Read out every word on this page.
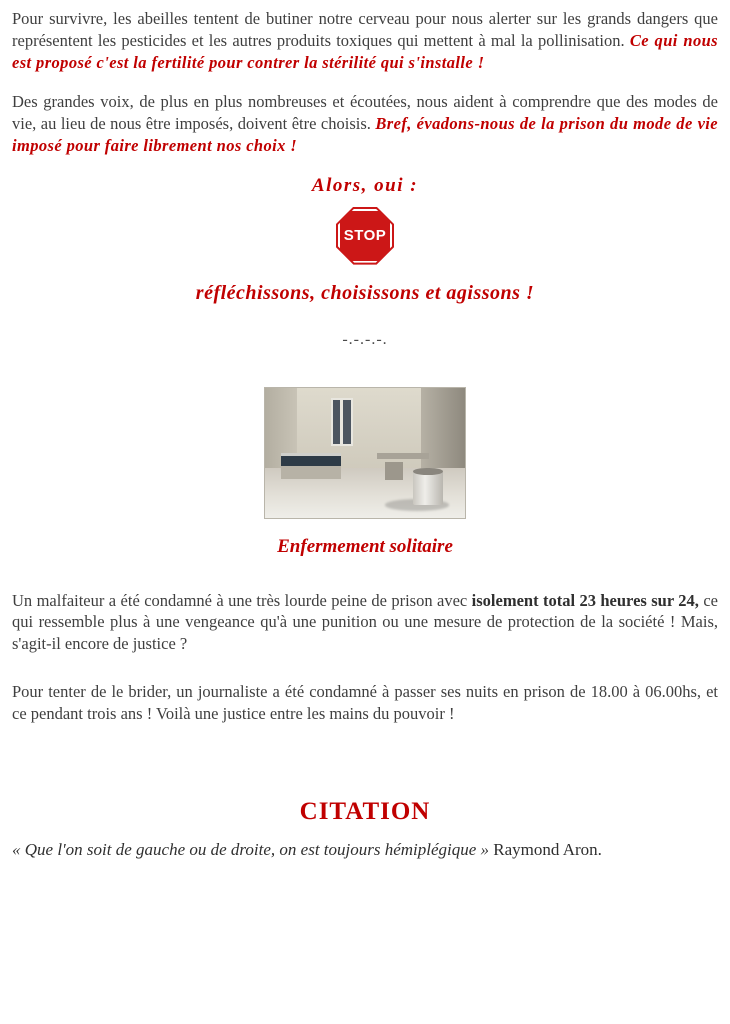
Pour survivre, les abeilles tentent de butiner notre cerveau pour nous alerter sur les grands dangers que représentent les pesticides et les autres produits toxiques qui mettent à mal la pollinisation. Ce qui nous est proposé c'est la fertilité pour contrer la stérilité qui s'installe !

Des grandes voix, de plus en plus nombreuses et écoutées, nous aident à comprendre que des modes de vie, au lieu de nous être imposés, doivent être choisis. Bref, évadons-nous de la prison du mode de vie imposé pour faire librement nos choix !

Alors, oui :
STOP
réfléchissons, choisissons et agissons !
-.-.-.-.
Enfermement solitaire

Un malfaiteur a été condamné à une très lourde peine de prison avec isolement total 23 heures sur 24, ce qui ressemble plus à une vengeance qu'à une punition ou une mesure de protection de la société ! Mais, s'agit-il encore de justice ?

Pour tenter de le brider, un journaliste a été condamné à passer ses nuits en prison de 18.00 à 06.00hs, et ce pendant trois ans ! Voilà une justice entre les mains du pouvoir !

CITATION
« Que l'on soit de gauche ou de droite, on est toujours hémiplégique » Raymond Aron.
